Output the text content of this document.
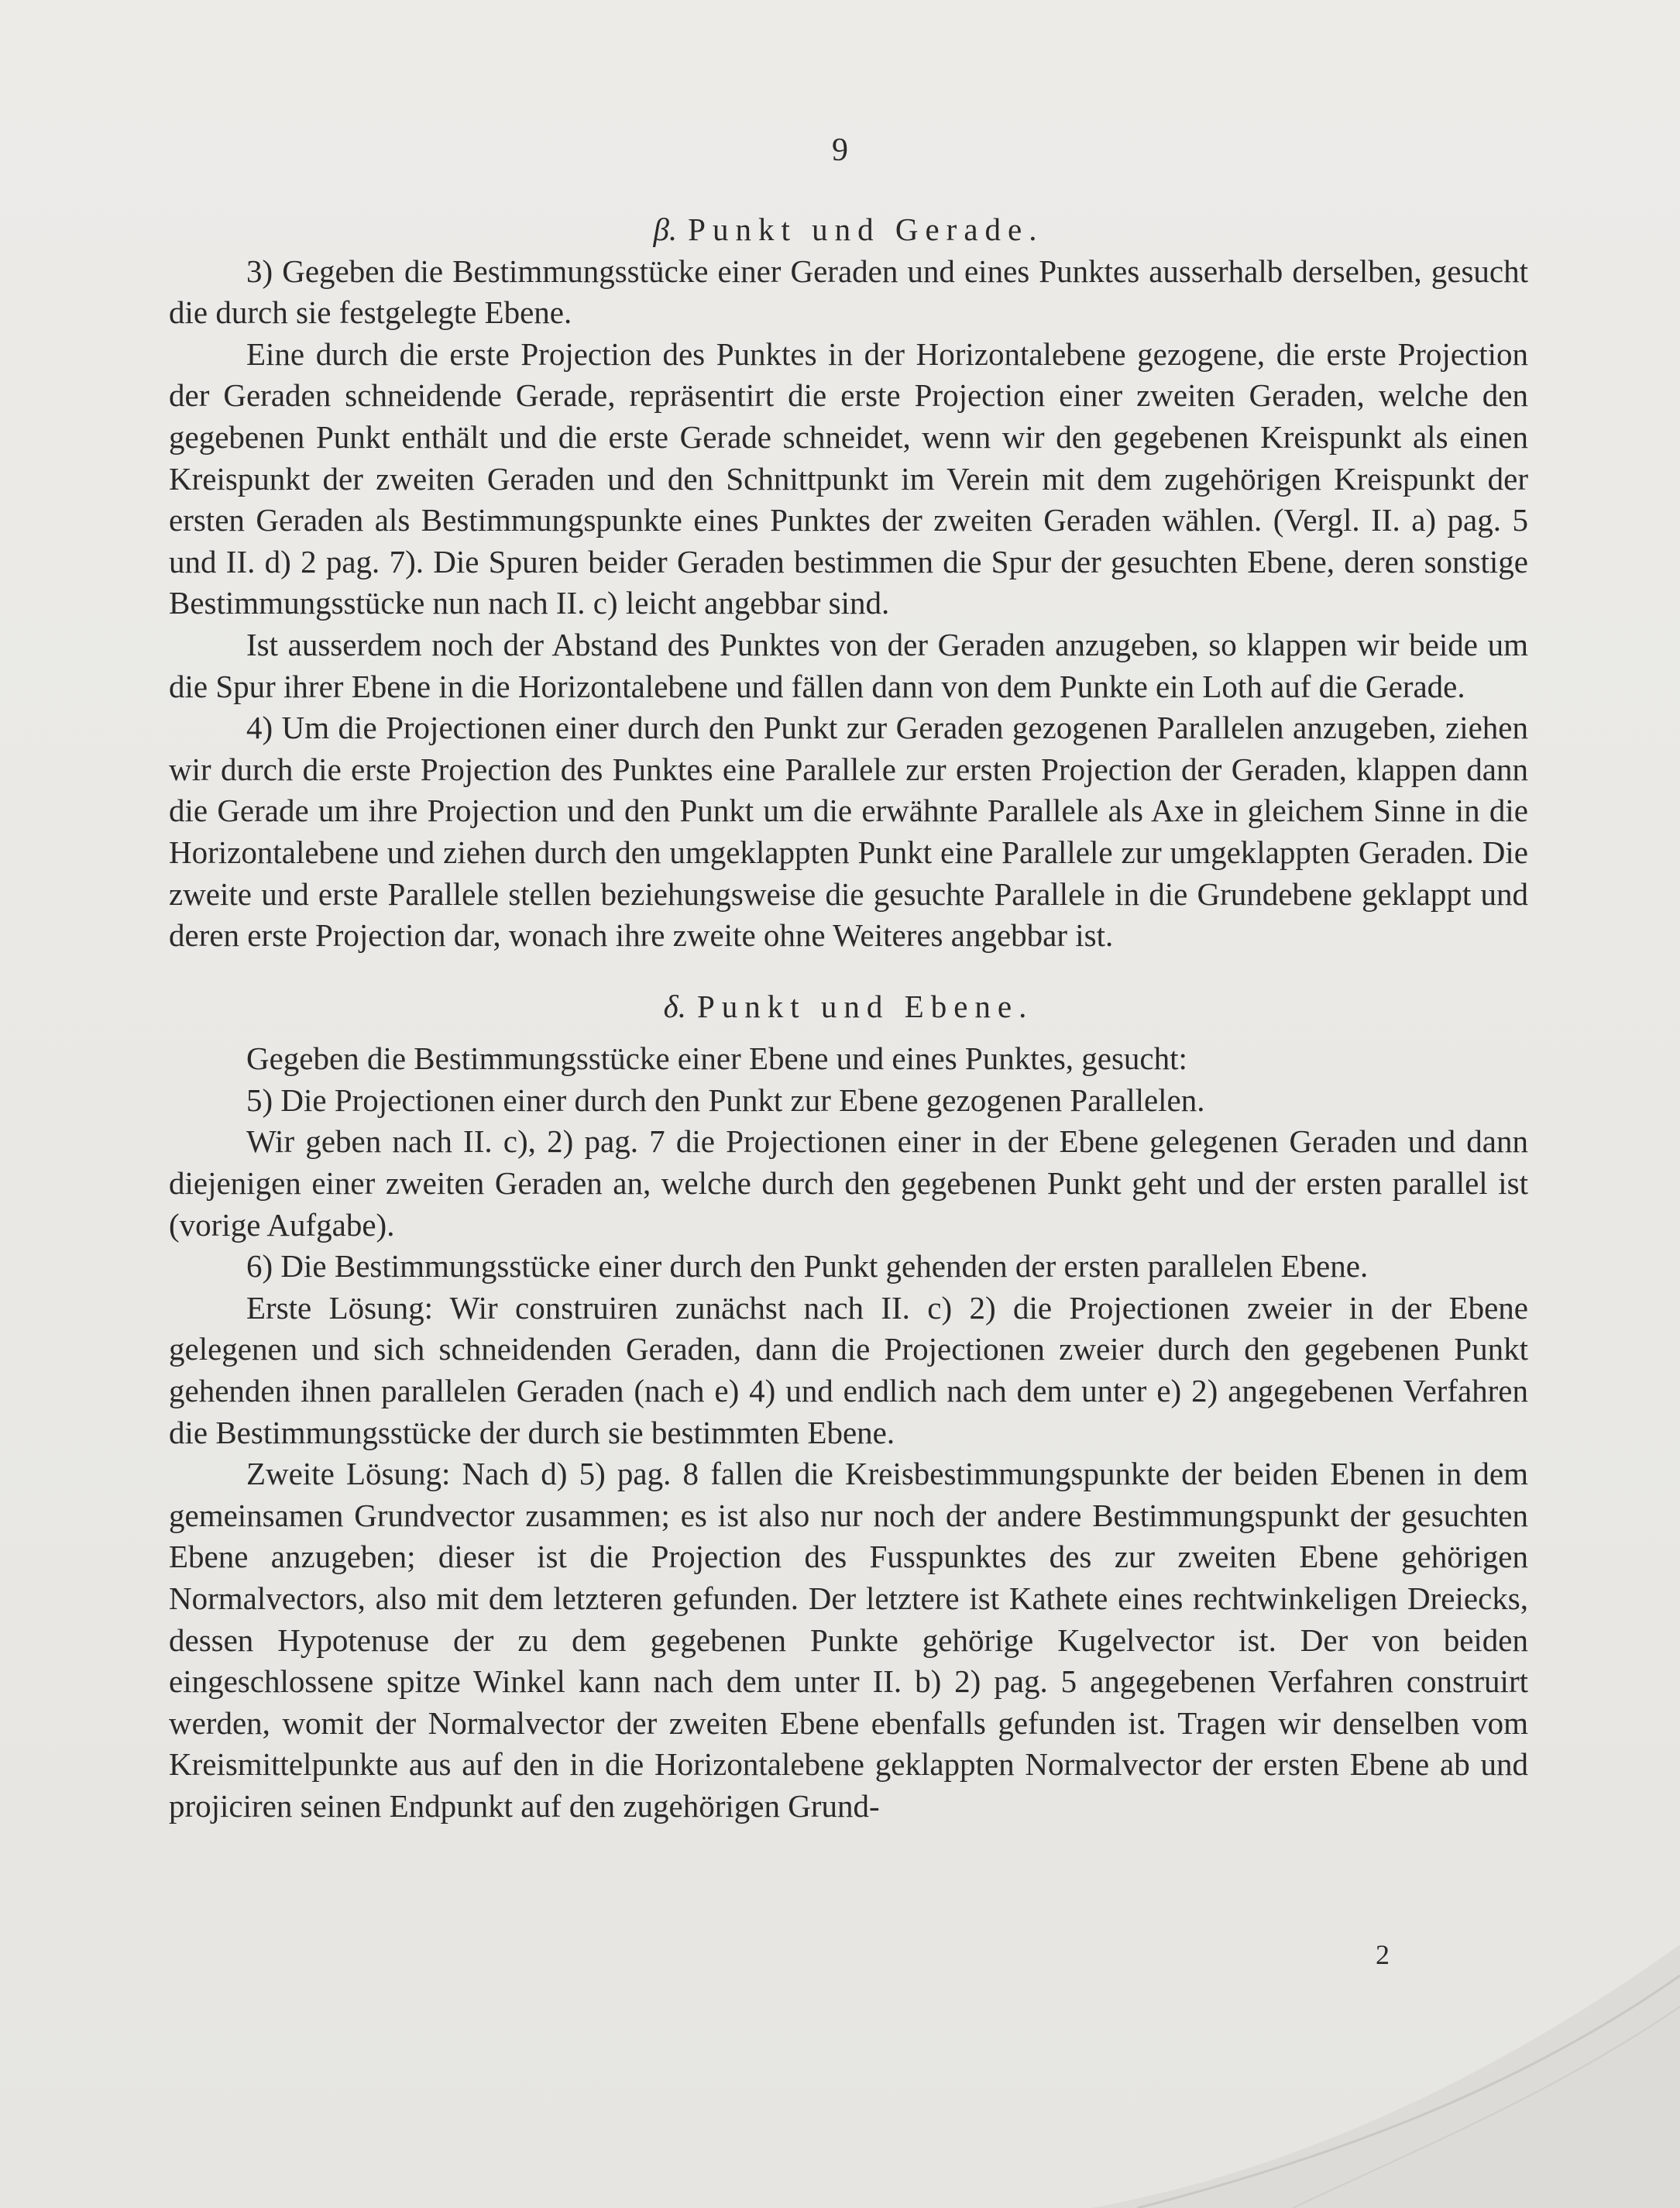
9

β. Punkt und Gerade.

3) Gegeben die Bestimmungsstücke einer Geraden und eines Punktes ausserhalb derselben, gesucht die durch sie festgelegte Ebene.

Eine durch die erste Projection des Punktes in der Horizontalebene gezogene, die erste Projection der Geraden schneidende Gerade, repräsentirt die erste Projection einer zweiten Geraden, welche den gegebenen Punkt enthält und die erste Gerade schneidet, wenn wir den gegebenen Kreispunkt als einen Kreispunkt der zweiten Geraden und den Schnittpunkt im Verein mit dem zugehörigen Kreispunkt der ersten Geraden als Bestimmungspunkte eines Punktes der zweiten Geraden wählen. (Vergl. II. a) pag. 5 und II. d) 2 pag. 7). Die Spuren beider Geraden bestimmen die Spur der gesuchten Ebene, deren sonstige Bestimmungsstücke nun nach II. c) leicht angebbar sind.

Ist ausserdem noch der Abstand des Punktes von der Geraden anzugeben, so klappen wir beide um die Spur ihrer Ebene in die Horizontalebene und fällen dann von dem Punkte ein Loth auf die Gerade.

4) Um die Projectionen einer durch den Punkt zur Geraden gezogenen Parallelen anzugeben, ziehen wir durch die erste Projection des Punktes eine Parallele zur ersten Projection der Geraden, klappen dann die Gerade um ihre Projection und den Punkt um die erwähnte Parallele als Axe in gleichem Sinne in die Horizontalebene und ziehen durch den umgeklappten Punkt eine Parallele zur umgeklappten Geraden. Die zweite und erste Parallele stellen beziehungsweise die gesuchte Parallele in die Grundebene geklappt und deren erste Projection dar, wonach ihre zweite ohne Weiteres angebbar ist.

δ. Punkt und Ebene.

Gegeben die Bestimmungsstücke einer Ebene und eines Punktes, gesucht:

5) Die Projectionen einer durch den Punkt zur Ebene gezogenen Parallelen.

Wir geben nach II. c), 2) pag. 7 die Projectionen einer in der Ebene gelegenen Geraden und dann diejenigen einer zweiten Geraden an, welche durch den gegebenen Punkt geht und der ersten parallel ist (vorige Aufgabe).

6) Die Bestimmungsstücke einer durch den Punkt gehenden der ersten parallelen Ebene.

Erste Lösung: Wir construiren zunächst nach II. c) 2) die Projectionen zweier in der Ebene gelegenen und sich schneidenden Geraden, dann die Projectionen zweier durch den gegebenen Punkt gehenden ihnen parallelen Geraden (nach e) 4) und endlich nach dem unter e) 2) angegebenen Verfahren die Bestimmungsstücke der durch sie bestimmten Ebene.

Zweite Lösung: Nach d) 5) pag. 8 fallen die Kreisbestimmungspunkte der beiden Ebenen in dem gemeinsamen Grundvector zusammen; es ist also nur noch der andere Bestimmungspunkt der gesuchten Ebene anzugeben; dieser ist die Projection des Fusspunktes des zur zweiten Ebene gehörigen Normalvectors, also mit dem letzteren gefunden. Der letztere ist Kathete eines rechtwinkeligen Dreiecks, dessen Hypotenuse der zu dem gegebenen Punkte gehörige Kugelvector ist. Der von beiden eingeschlossene spitze Winkel kann nach dem unter II. b) 2) pag. 5 angegebenen Verfahren construirt werden, womit der Normalvector der zweiten Ebene ebenfalls gefunden ist. Tragen wir denselben vom Kreismittelpunkte aus auf den in die Horizontalebene geklappten Normalvector der ersten Ebene ab und projiciren seinen Endpunkt auf den zugehörigen Grund-

2
